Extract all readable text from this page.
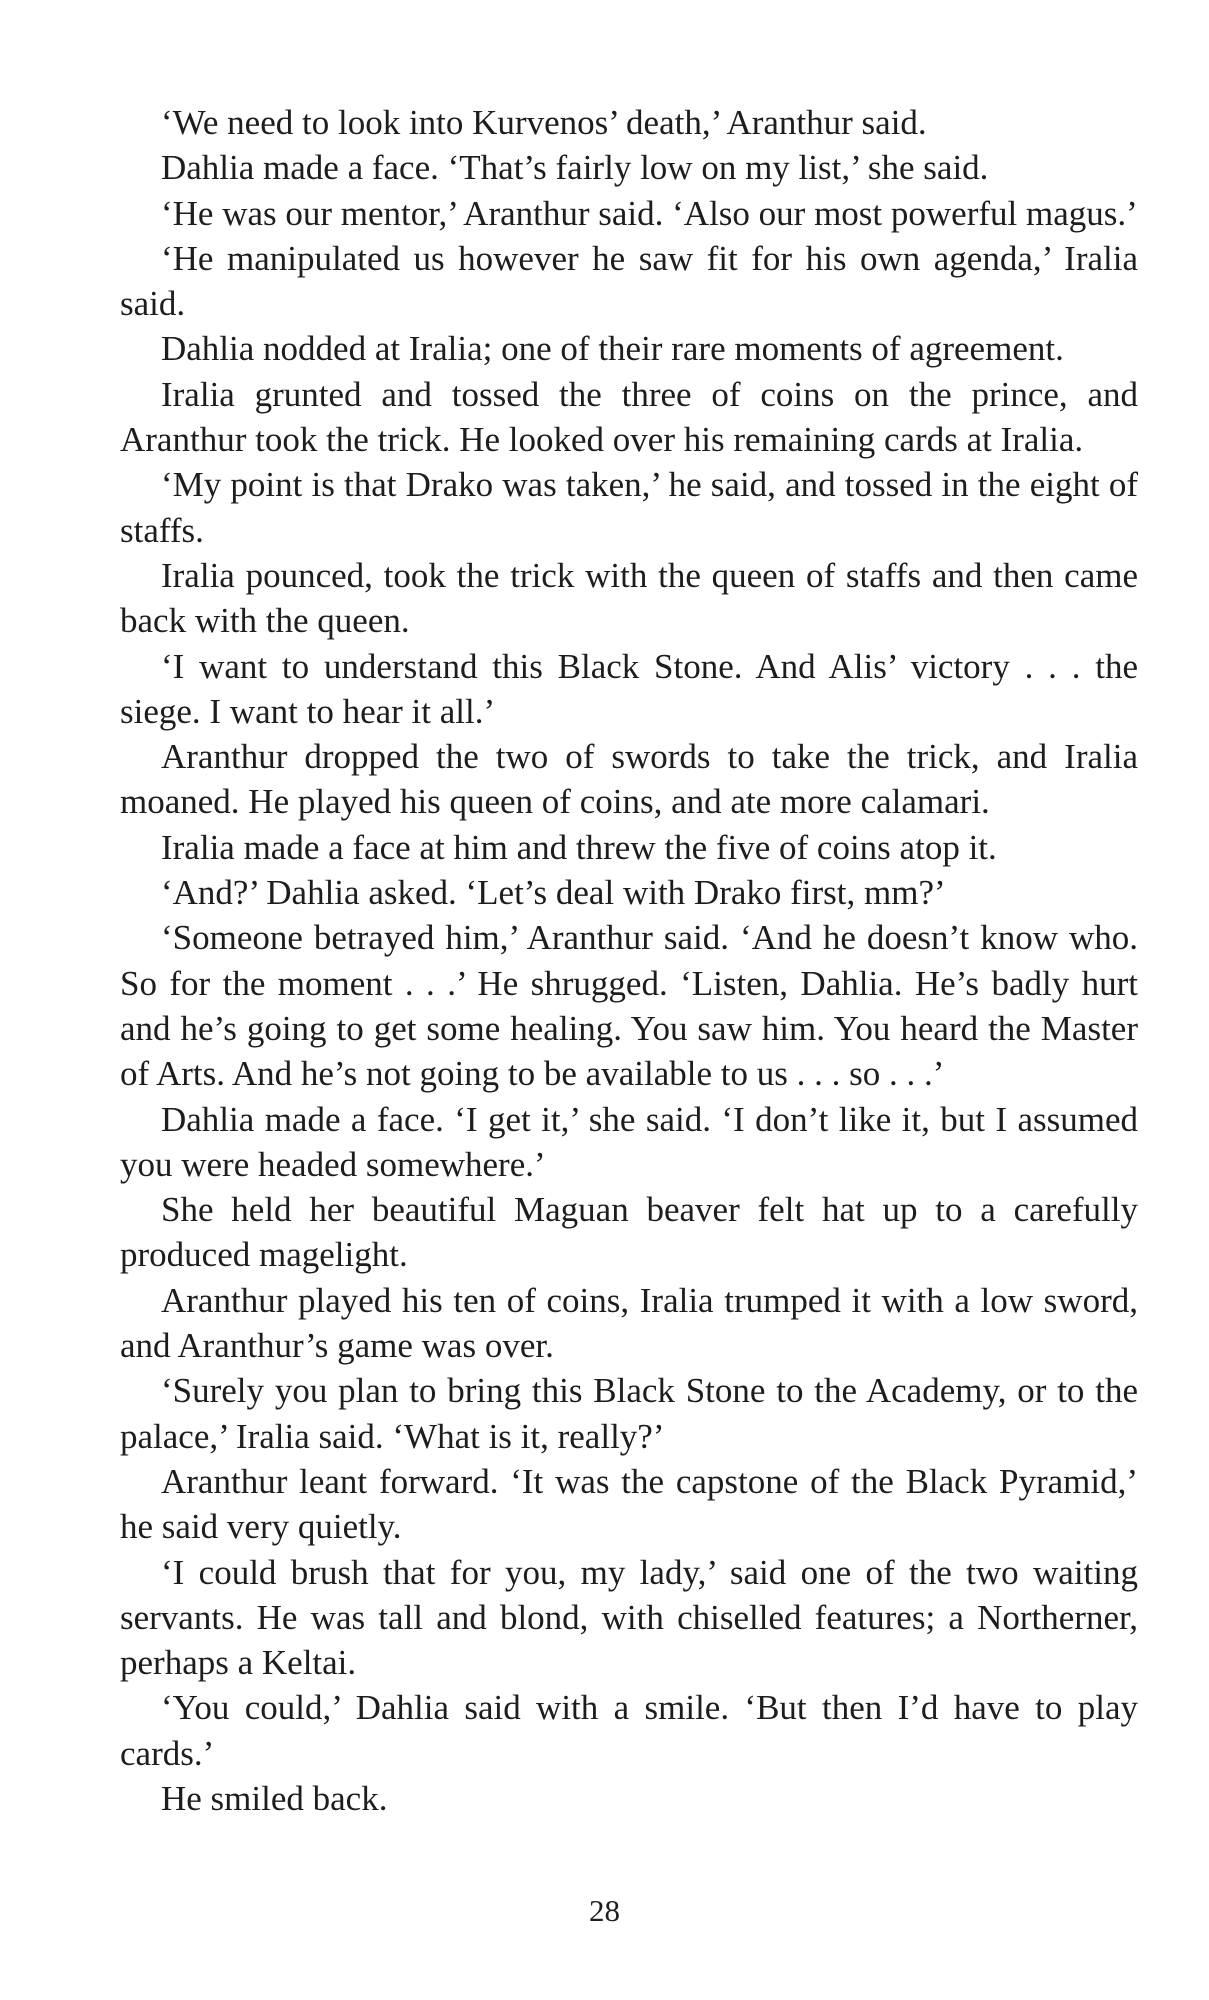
‘We need to look into Kurvenos’ death,’ Aranthur said.

Dahlia made a face. ‘That’s fairly low on my list,’ she said.

‘He was our mentor,’ Aranthur said. ‘Also our most powerful magus.’

‘He manipulated us however he saw fit for his own agenda,’ Iralia said.

Dahlia nodded at Iralia; one of their rare moments of agreement.

Iralia grunted and tossed the three of coins on the prince, and Aranthur took the trick. He looked over his remaining cards at Iralia.

‘My point is that Drako was taken,’ he said, and tossed in the eight of staffs.

Iralia pounced, took the trick with the queen of staffs and then came back with the queen.

‘I want to understand this Black Stone. And Alis’ victory . . . the siege. I want to hear it all.’

Aranthur dropped the two of swords to take the trick, and Iralia moaned. He played his queen of coins, and ate more calamari.

Iralia made a face at him and threw the five of coins atop it.

‘And?’ Dahlia asked. ‘Let’s deal with Drako first, mm?’

‘Someone betrayed him,’ Aranthur said. ‘And he doesn’t know who. So for the moment . . .’ He shrugged. ‘Listen, Dahlia. He’s badly hurt and he’s going to get some healing. You saw him. You heard the Master of Arts. And he’s not going to be available to us . . . so . . .’

Dahlia made a face. ‘I get it,’ she said. ‘I don’t like it, but I assumed you were headed somewhere.’

She held her beautiful Maguan beaver felt hat up to a carefully produced magelight.

Aranthur played his ten of coins, Iralia trumped it with a low sword, and Aranthur’s game was over.

‘Surely you plan to bring this Black Stone to the Academy, or to the palace,’ Iralia said. ‘What is it, really?’

Aranthur leant forward. ‘It was the capstone of the Black Pyramid,’ he said very quietly.

‘I could brush that for you, my lady,’ said one of the two waiting servants. He was tall and blond, with chiselled features; a Northerner, perhaps a Keltai.

‘You could,’ Dahlia said with a smile. ‘But then I’d have to play cards.’

He smiled back.

28
